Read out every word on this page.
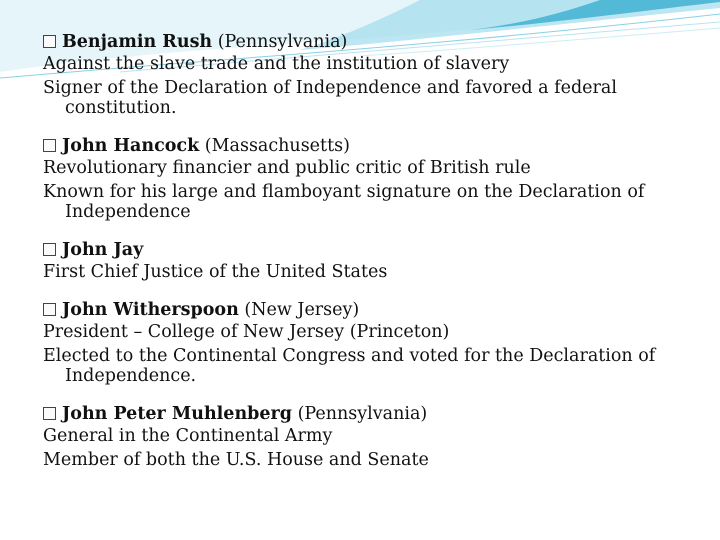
Benjamin Rush (Pennsylvania)
Against the slave trade and the institution of slavery
Signer of the Declaration of Independence and favored a federal
constitution.
John Hancock (Massachusetts)
Revolutionary financier and public critic of British rule
Known for his large and flamboyant signature on the Declaration of
Independence
John Jay
First Chief Justice of the United States
John Witherspoon (New Jersey)
President – College of New Jersey (Princeton)
Elected to the Continental Congress and voted for the Declaration of
Independence.
John Peter Muhlenberg (Pennsylvania)
General in the Continental Army
Member of both the U.S. House and Senate
